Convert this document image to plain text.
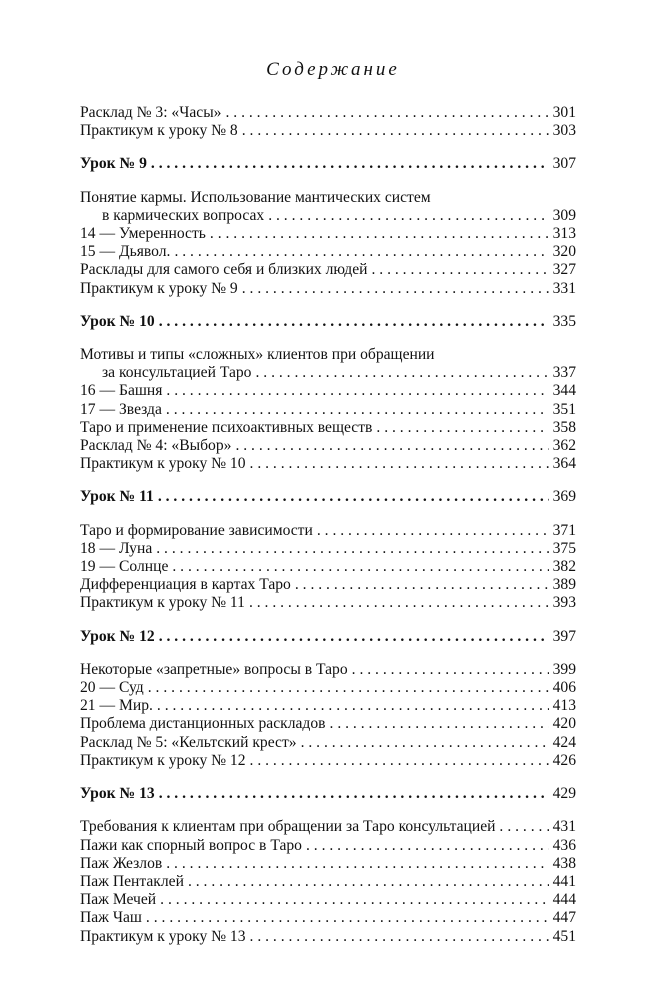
Содержание
Расклад № 3: «Часы» . . .	301
Практикум к уроку № 8 . . .	303
Урок № 9 . . .	307
Понятие кармы. Использование мантических систем
в кармических вопросах . . .	309
14 — Умеренность . . .	313
15 — Дьявол. . . .	320
Расклады для самого себя и близких людей . . .	327
Практикум к уроку № 9 . . .	331
Урок № 10 . . .	335
Мотивы и типы «сложных» клиентов при обращении
за консультацией Таро . . .	337
16 — Башня . . .	344
17 — Звезда . . .	351
Таро и применение психоактивных веществ . . .	358
Расклад № 4: «Выбор» . . .	362
Практикум к уроку № 10 . . .	364
Урок № 11 . . .	369
Таро и формирование зависимости . . .	371
18 — Луна . . .	375
19 — Солнце . . .	382
Дифференциация в картах Таро . . .	389
Практикум к уроку № 11 . . .	393
Урок № 12 . . .	397
Некоторые «запретные» вопросы в Таро . . .	399
20 — Суд . . .	406
21 — Мир. . . .	413
Проблема дистанционных раскладов . . .	420
Расклад № 5: «Кельтский крест» . . .	424
Практикум к уроку № 12 . . .	426
Урок № 13 . . .	429
Требования к клиентам при обращении за Таро консультацией . . . .	431
Пажи как спорный вопрос в Таро . . .	436
Паж Жезлов . . .	438
Паж Пентаклей . . .	441
Паж Мечей . . .	444
Паж Чаш . . .	447
Практикум к уроку № 13 . . .	451
